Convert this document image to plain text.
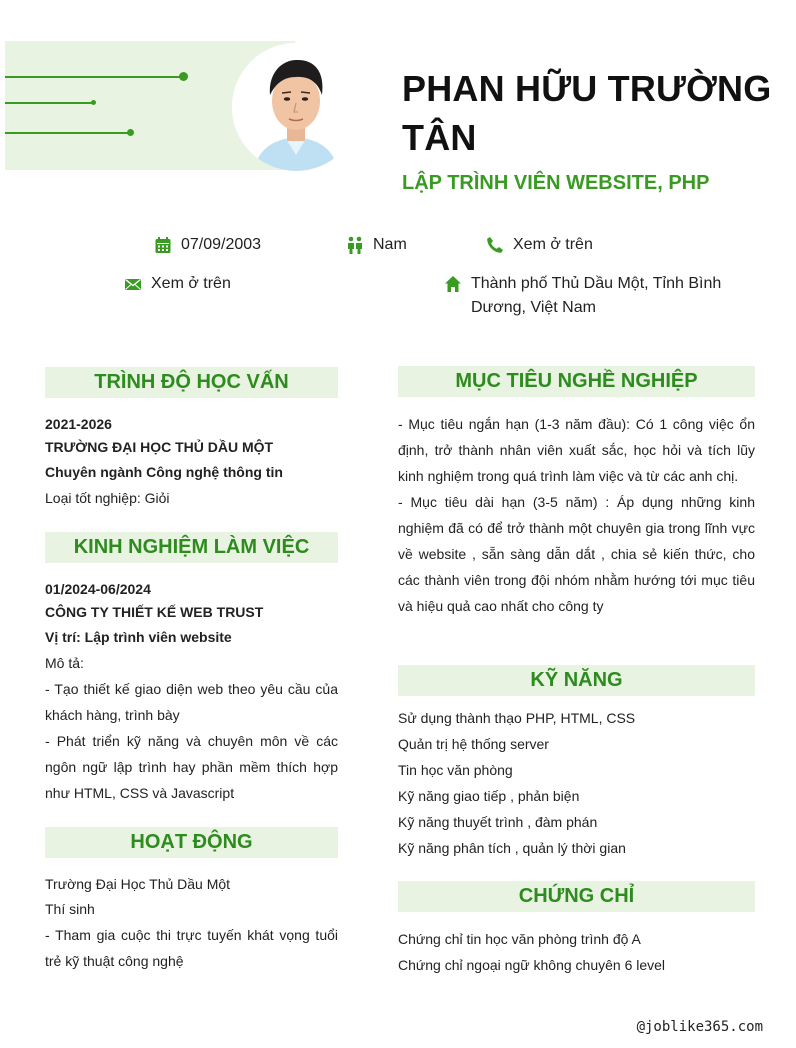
PHAN HỮU TRƯỜNG TÂN
LẬP TRÌNH VIÊN WEBSITE, PHP
07/09/2003	Nam	Xem ở trên
Xem ở trên	Thành phố Thủ Dầu Một, Tỉnh Bình Dương, Việt Nam
TRÌNH ĐỘ HỌC VẤN
2021-2026
TRƯỜNG ĐẠI HỌC THỦ DẦU MỘT
Chuyên ngành Công nghệ thông tin
Loại tốt nghiệp: Giỏi
KINH NGHIỆM LÀM VIỆC
01/2024-06/2024
CÔNG TY THIẾT KẾ WEB TRUST
Vị trí: Lập trình viên website
Mô tả:
- Tạo thiết kế giao diện web theo yêu cầu của khách hàng, trình bày
- Phát triển kỹ năng và chuyên môn về các ngôn ngữ lập trình hay phần mềm thích hợp như HTML, CSS và Javascript
HOẠT ĐỘNG
Trường Đại Học Thủ Dầu Một
Thí sinh
- Tham gia cuộc thi trực tuyến khát vọng tuổi trẻ kỹ thuật công nghệ
MỤC TIÊU NGHỀ NGHIỆP
- Mục tiêu ngắn hạn (1-3 năm đầu): Có 1 công việc ổn định, trở thành nhân viên xuất sắc, học hỏi và tích lũy kinh nghiệm trong quá trình làm việc và từ các anh chị.
- Mục tiêu dài hạn (3-5 năm) : Áp dụng những kinh nghiệm đã có để trở thành một chuyên gia trong lĩnh vực về website , sẵn sàng dẫn dắt , chia sẻ kiến thức, cho các thành viên trong đội nhóm nhằm hướng tới mục tiêu và hiệu quả cao nhất cho công ty
KỸ NĂNG
Sử dụng thành thạo PHP, HTML, CSS
Quản trị hệ thống server
Tin học văn phòng
Kỹ năng giao tiếp , phản biện
Kỹ năng thuyết trình , đàm phán
Kỹ năng phân tích , quản lý thời gian
CHỨNG CHỈ
Chứng chỉ tin học văn phòng trình độ A
Chứng chỉ ngoại ngữ không chuyên 6 level
@joblike365.com
